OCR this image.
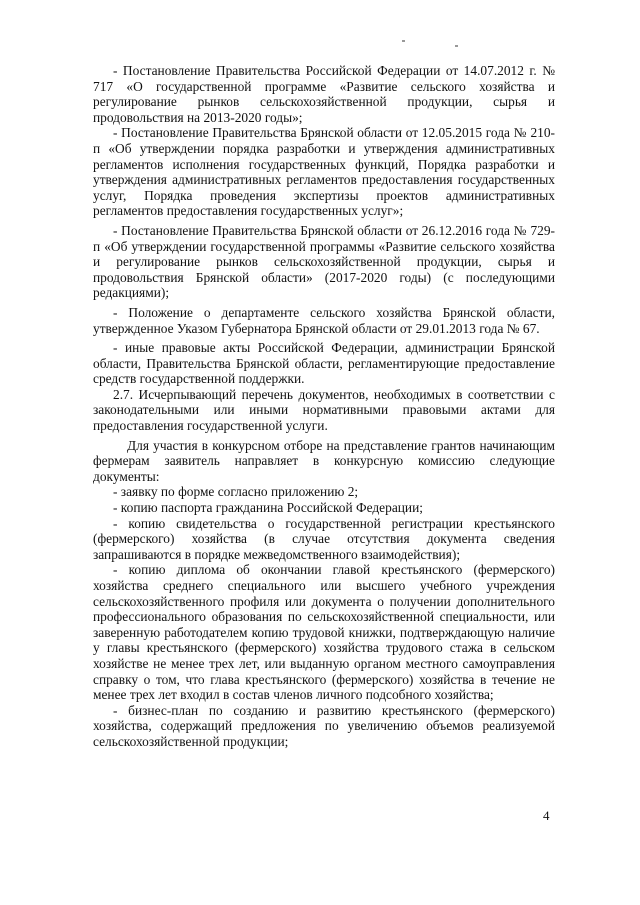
- Постановление Правительства Российской Федерации от 14.07.2012 г. № 717 «О государственной программе «Развитие сельского хозяйства и регулирование рынков сельскохозяйственной продукции, сырья и продовольствия на 2013-2020 годы»;

- Постановление Правительства Брянской области от 12.05.2015 года № 210-п «Об утверждении порядка разработки и утверждения административных регламентов исполнения государственных функций, Порядка разработки и утверждения административных регламентов предоставления государственных услуг, Порядка проведения экспертизы проектов административных регламентов предоставления государственных услуг»;

- Постановление Правительства Брянской области от 26.12.2016 года № 729-п «Об утверждении государственной программы «Развитие сельского хозяйства и регулирование рынков сельскохозяйственной продукции, сырья и продовольствия Брянской области» (2017-2020 годы) (с последующими редакциями);

- Положение о департаменте сельского хозяйства Брянской области, утвержденное Указом Губернатора Брянской области от 29.01.2013 года № 67.

- иные правовые акты Российской Федерации, администрации Брянской области, Правительства Брянской области, регламентирующие предоставление средств государственной поддержки.

2.7. Исчерпывающий перечень документов, необходимых в соответствии с законодательными или иными нормативными правовыми актами для предоставления государственной услуги.

Для участия в конкурсном отборе на представление грантов начинающим фермерам заявитель направляет в конкурсную комиссию следующие документы:

- заявку по форме согласно приложению 2;

- копию паспорта гражданина Российской Федерации;

- копию свидетельства о государственной регистрации крестьянского (фермерского) хозяйства (в случае отсутствия документа сведения запрашиваются в порядке межведомственного взаимодействия);

- копию диплома об окончании главой крестьянского (фермерского) хозяйства среднего специального или высшего учебного учреждения сельскохозяйственного профиля или документа о получении дополнительного профессионального образования по сельскохозяйственной специальности, или заверенную работодателем копию трудовой книжки, подтверждающую наличие у главы крестьянского (фермерского) хозяйства трудового стажа в сельском хозяйстве не менее трех лет, или выданную органом местного самоуправления справку о том, что глава крестьянского (фермерского) хозяйства в течение не менее трех лет входил в состав членов личного подсобного хозяйства;

- бизнес-план по созданию и развитию крестьянского (фермерского) хозяйства, содержащий предложения по увеличению объемов реализуемой сельскохозяйственной продукции;

4
